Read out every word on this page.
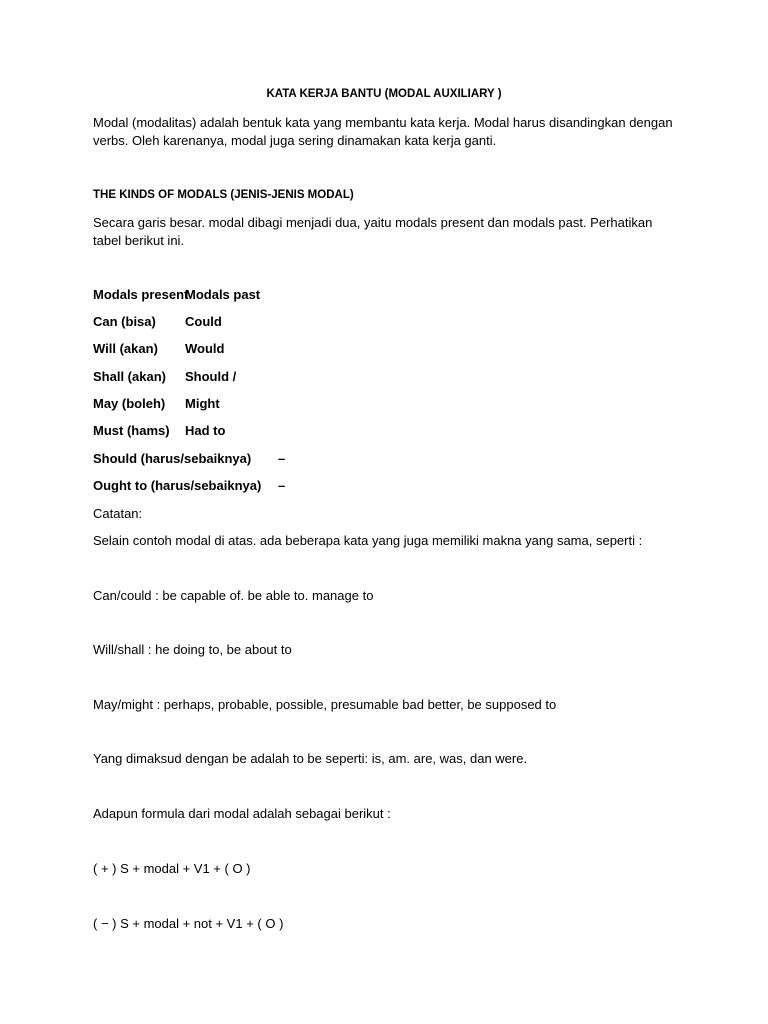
KATA KERJA BANTU (MODAL AUXILIARY )
Modal (modalitas) adalah bentuk kata yang membantu kata kerja. Modal harus disandingkan dengan verbs. Oleh karenanya, modal juga sering dinamakan kata kerja ganti.
THE KINDS OF MODALS (JENIS-JENIS MODAL)
Secara garis besar. modal dibagi menjadi dua, yaitu modals present dan modals past. Perhatikan tabel berikut ini.
Modals present
Modals past
Can (bisa) Could
Will (akan) Would
Shall (akan) Should /
May (boleh) Might
Must (hams) Had to
Should (harus/sebaiknya) –
Ought to (harus/sebaiknya) –
Catatan:
Selain contoh modal di atas. ada beberapa kata yang juga memiliki makna yang sama, seperti :
Can/could : be capable of. be able to. manage to
Will/shall : he doing to, be about to
May/might : perhaps, probable, possible, presumable bad better, be supposed to
Yang dimaksud dengan be adalah to be seperti: is, am. are, was, dan were.
Adapun formula dari modal adalah sebagai berikut :
( + ) S + modal + V1 + ( O )
( − ) S + modal + not + V1 + ( O )
